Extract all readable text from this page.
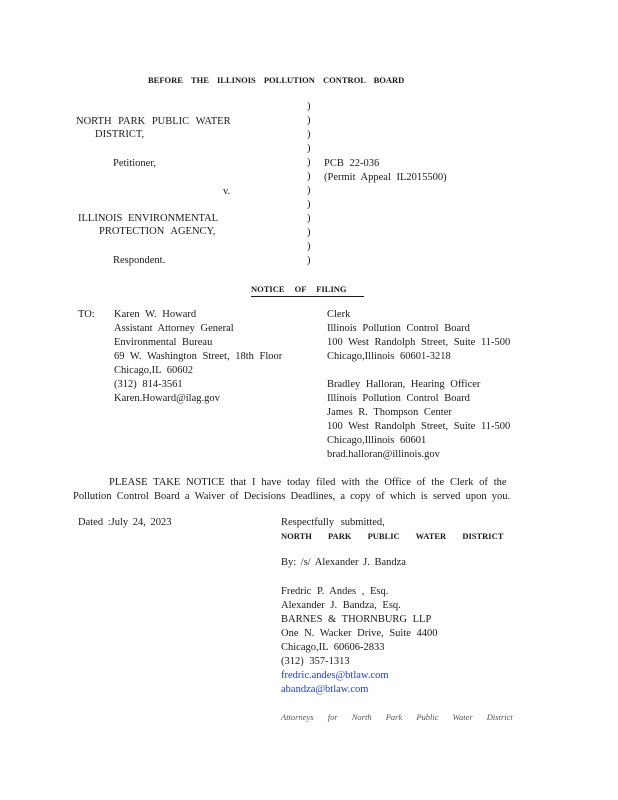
BEFORE THE ILLINOIS POLLUTION CONTROL BOARD
NORTH PARK PUBLIC WATER
DISTRICT,
Petitioner,
v.
ILLINOIS ENVIRONMENTAL
PROTECTION AGENCY,
Respondent.
)
)
)
)
)
)
)
)
)
)
)
)
PCB 22-036
(Permit Appeal IL2015500)
NOTICE OF FILING
TO: Karen W. Howard
Assistant Attorney General
Environmental Bureau
69 W. Washington Street, 18th Floor
Chicago,IL 60602
(312) 814-3561
Karen.Howard@ilag.gov
Clerk
Illinois Pollution Control Board
100 West Randolph Street, Suite 11-500
Chicago,Illinois 60601-3218
Bradley Halloran, Hearing Officer
Illinois Pollution Control Board
James R. Thompson Center
100 West Randolph Street, Suite 11-500
Chicago,Illinois 60601
brad.halloran@illinois.gov
PLEASE TAKE NOTICE that I have today filed with the Office of the Clerk of the
Pollution Control Board a Waiver of Decisions Deadlines, a copy of which is served upon you.
Dated :July 24, 2023	Respectfully submitted,
NORTH PARK PUBLIC WATER DISTRICT
By: /s/ Alexander J. Bandza
Fredric P. Andes , Esq.
Alexander J. Bandza, Esq.
BARNES & THORNBURG LLP
One N. Wacker Drive, Suite 4400
Chicago,IL 60606-2833
(312) 357-1313
fredric.andes@btlaw.com
abandza@btlaw.com
Attorneys for North Park Public Water District
